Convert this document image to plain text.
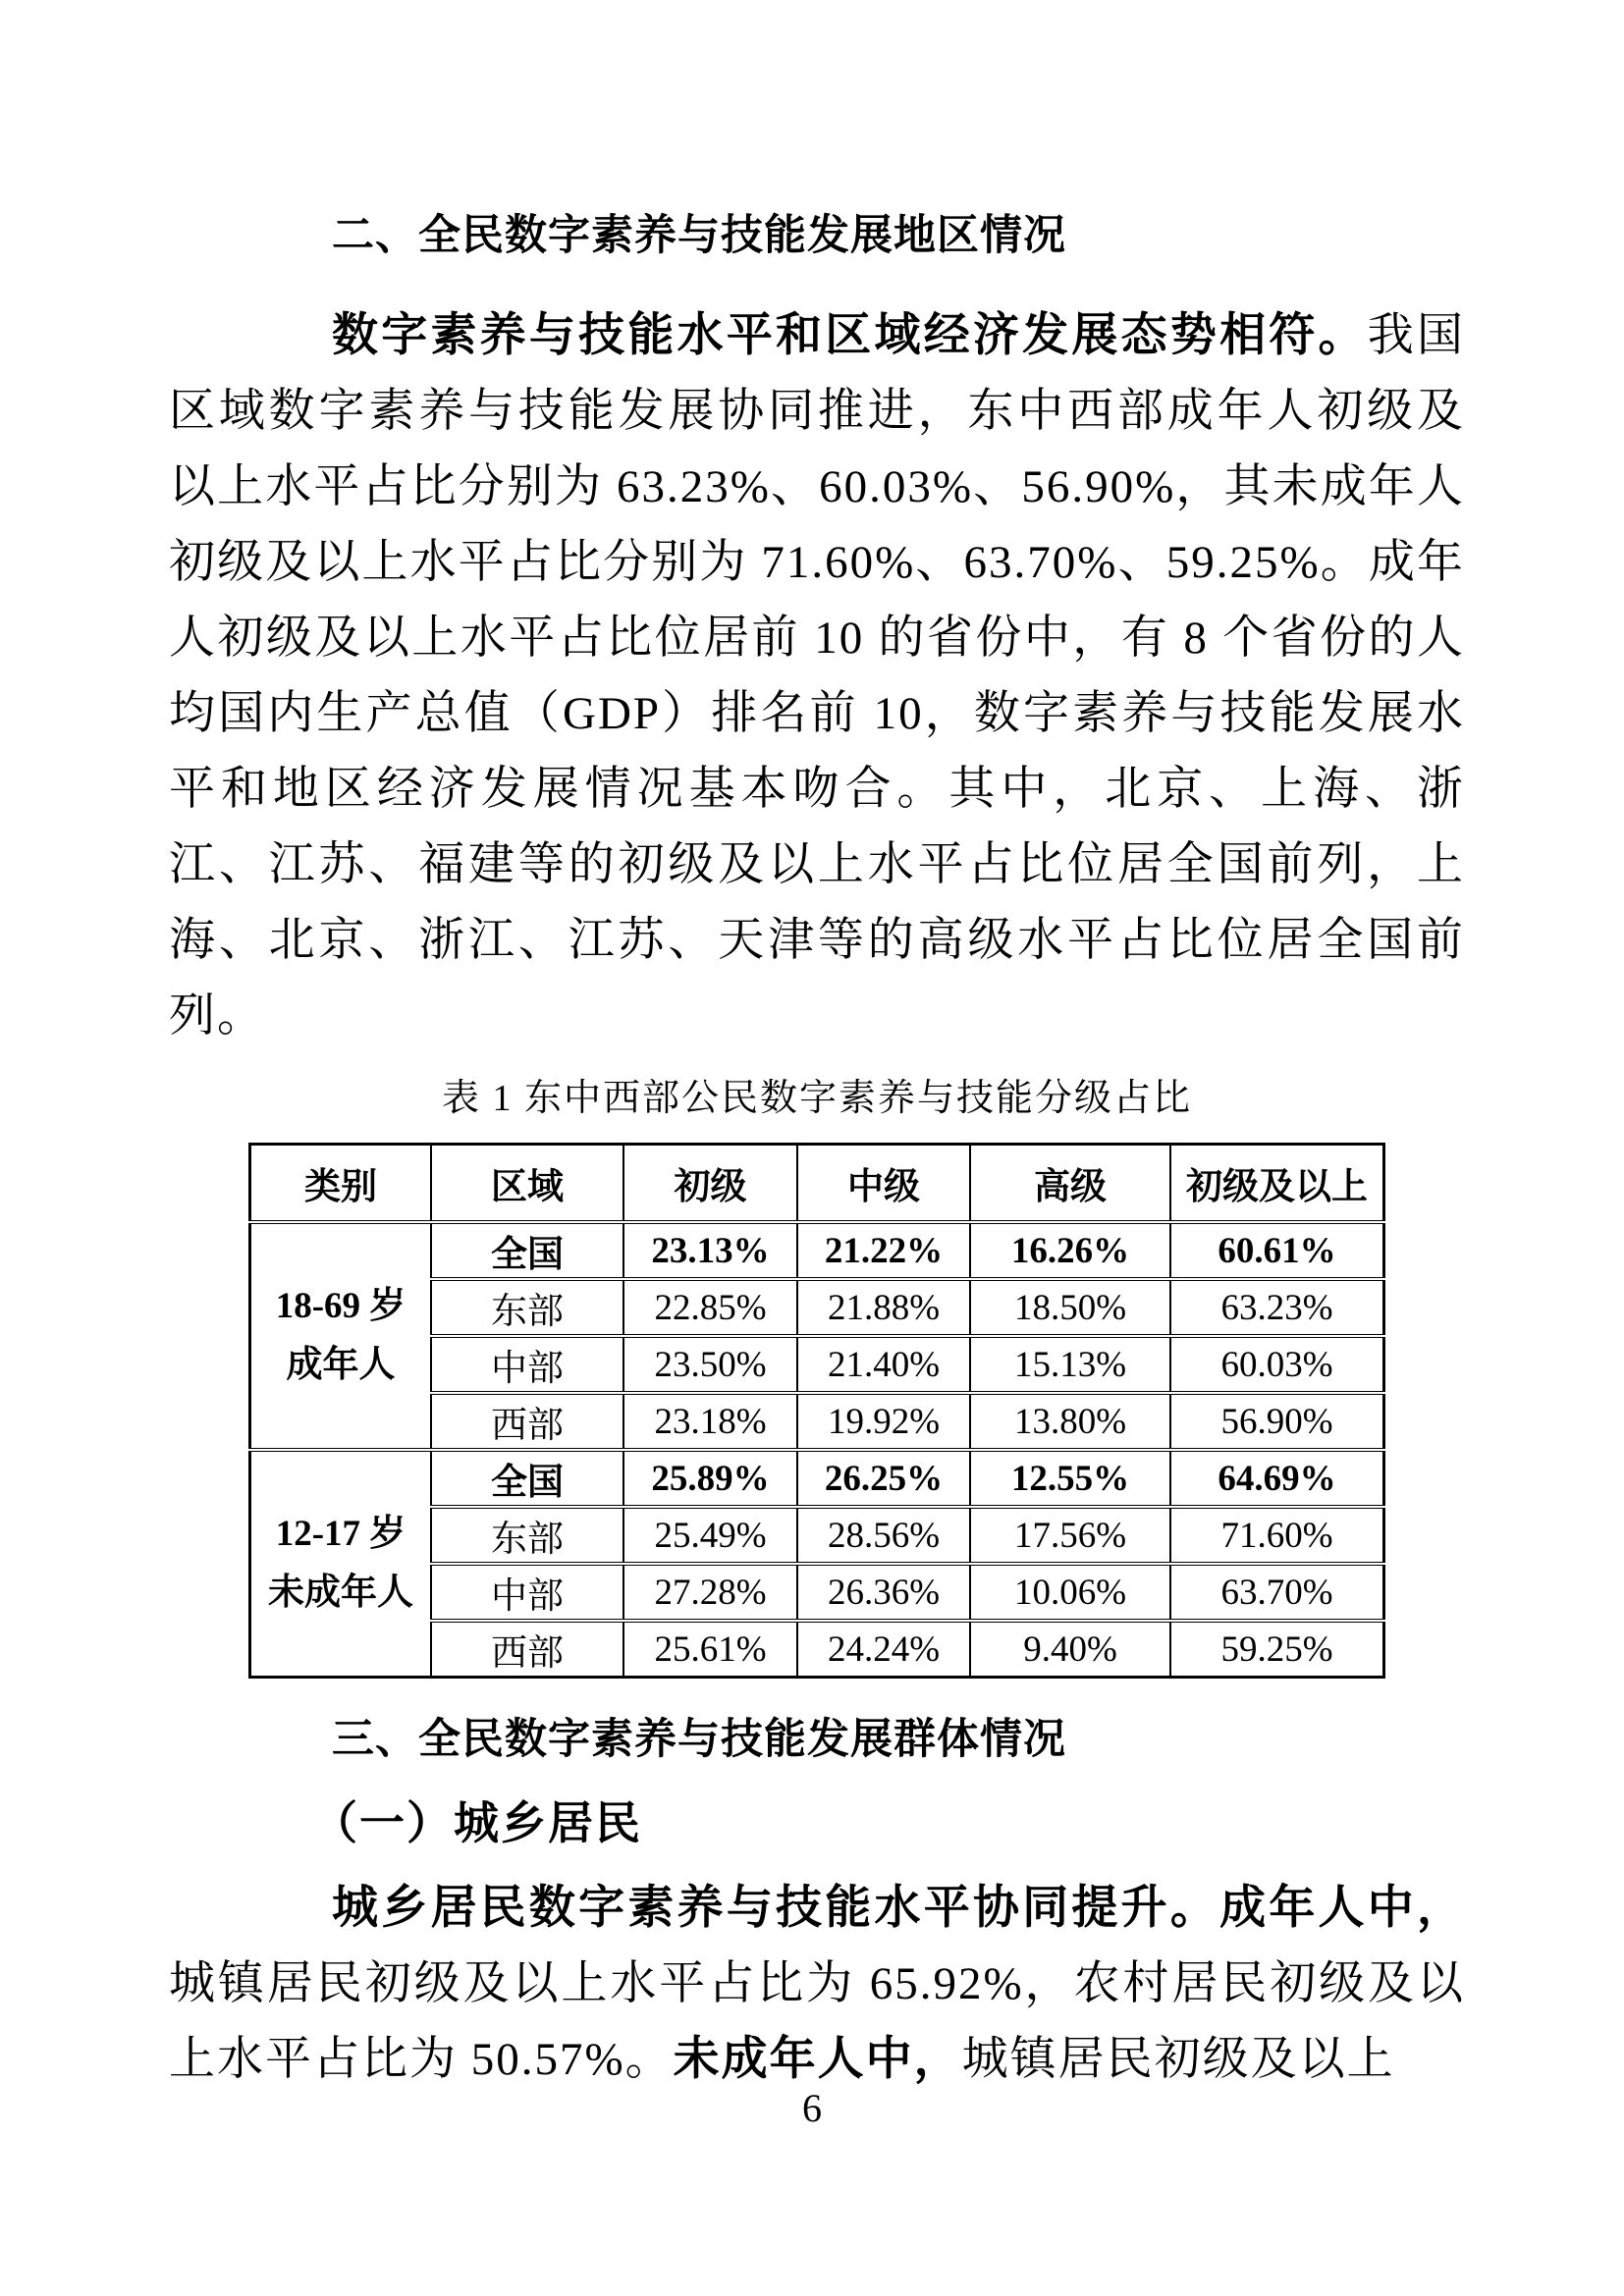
二、全民数字素养与技能发展地区情况

数字素养与技能水平和区域经济发展态势相符。我国区域数字素养与技能发展协同推进，东中西部成年人初级及以上水平占比分别为 63.23%、60.03%、56.90%，其未成年人初级及以上水平占比分别为 71.60%、63.70%、59.25%。成年人初级及以上水平占比位居前 10 的省份中，有 8 个省份的人均国内生产总值（GDP）排名前 10，数字素养与技能发展水平和地区经济发展情况基本吻合。其中，北京、上海、浙江、江苏、福建等的初级及以上水平占比位居全国前列，上海、北京、浙江、江苏、天津等的高级水平占比位居全国前列。

表 1 东中西部公民数字素养与技能分级占比
类别	区域	初级	中级	高级	初级及以上

18-69 岁
成年人	全国	23.13%	21.22%	16.26%	60.61%
	东部	22.85%	21.88%	18.50%	63.23%
	中部	23.50%	21.40%	15.13%	60.03%
	西部	23.18%	19.92%	13.80%	56.90%

12-17 岁
未成年人	全国	25.89%	26.25%	12.55%	64.69%
	东部	25.49%	28.56%	17.56%	71.60%
	中部	27.28%	26.36%	10.06%	63.70%
	西部	25.61%	24.24%	9.40%	59.25%
三、全民数字素养与技能发展群体情况
（一）城乡居民

城乡居民数字素养与技能水平协同提升。成年人中，城镇居民初级及以上水平占比为 65.92%，农村居民初级及以上水平占比为 50.57%。未成年人中，城镇居民初级及以上

6
